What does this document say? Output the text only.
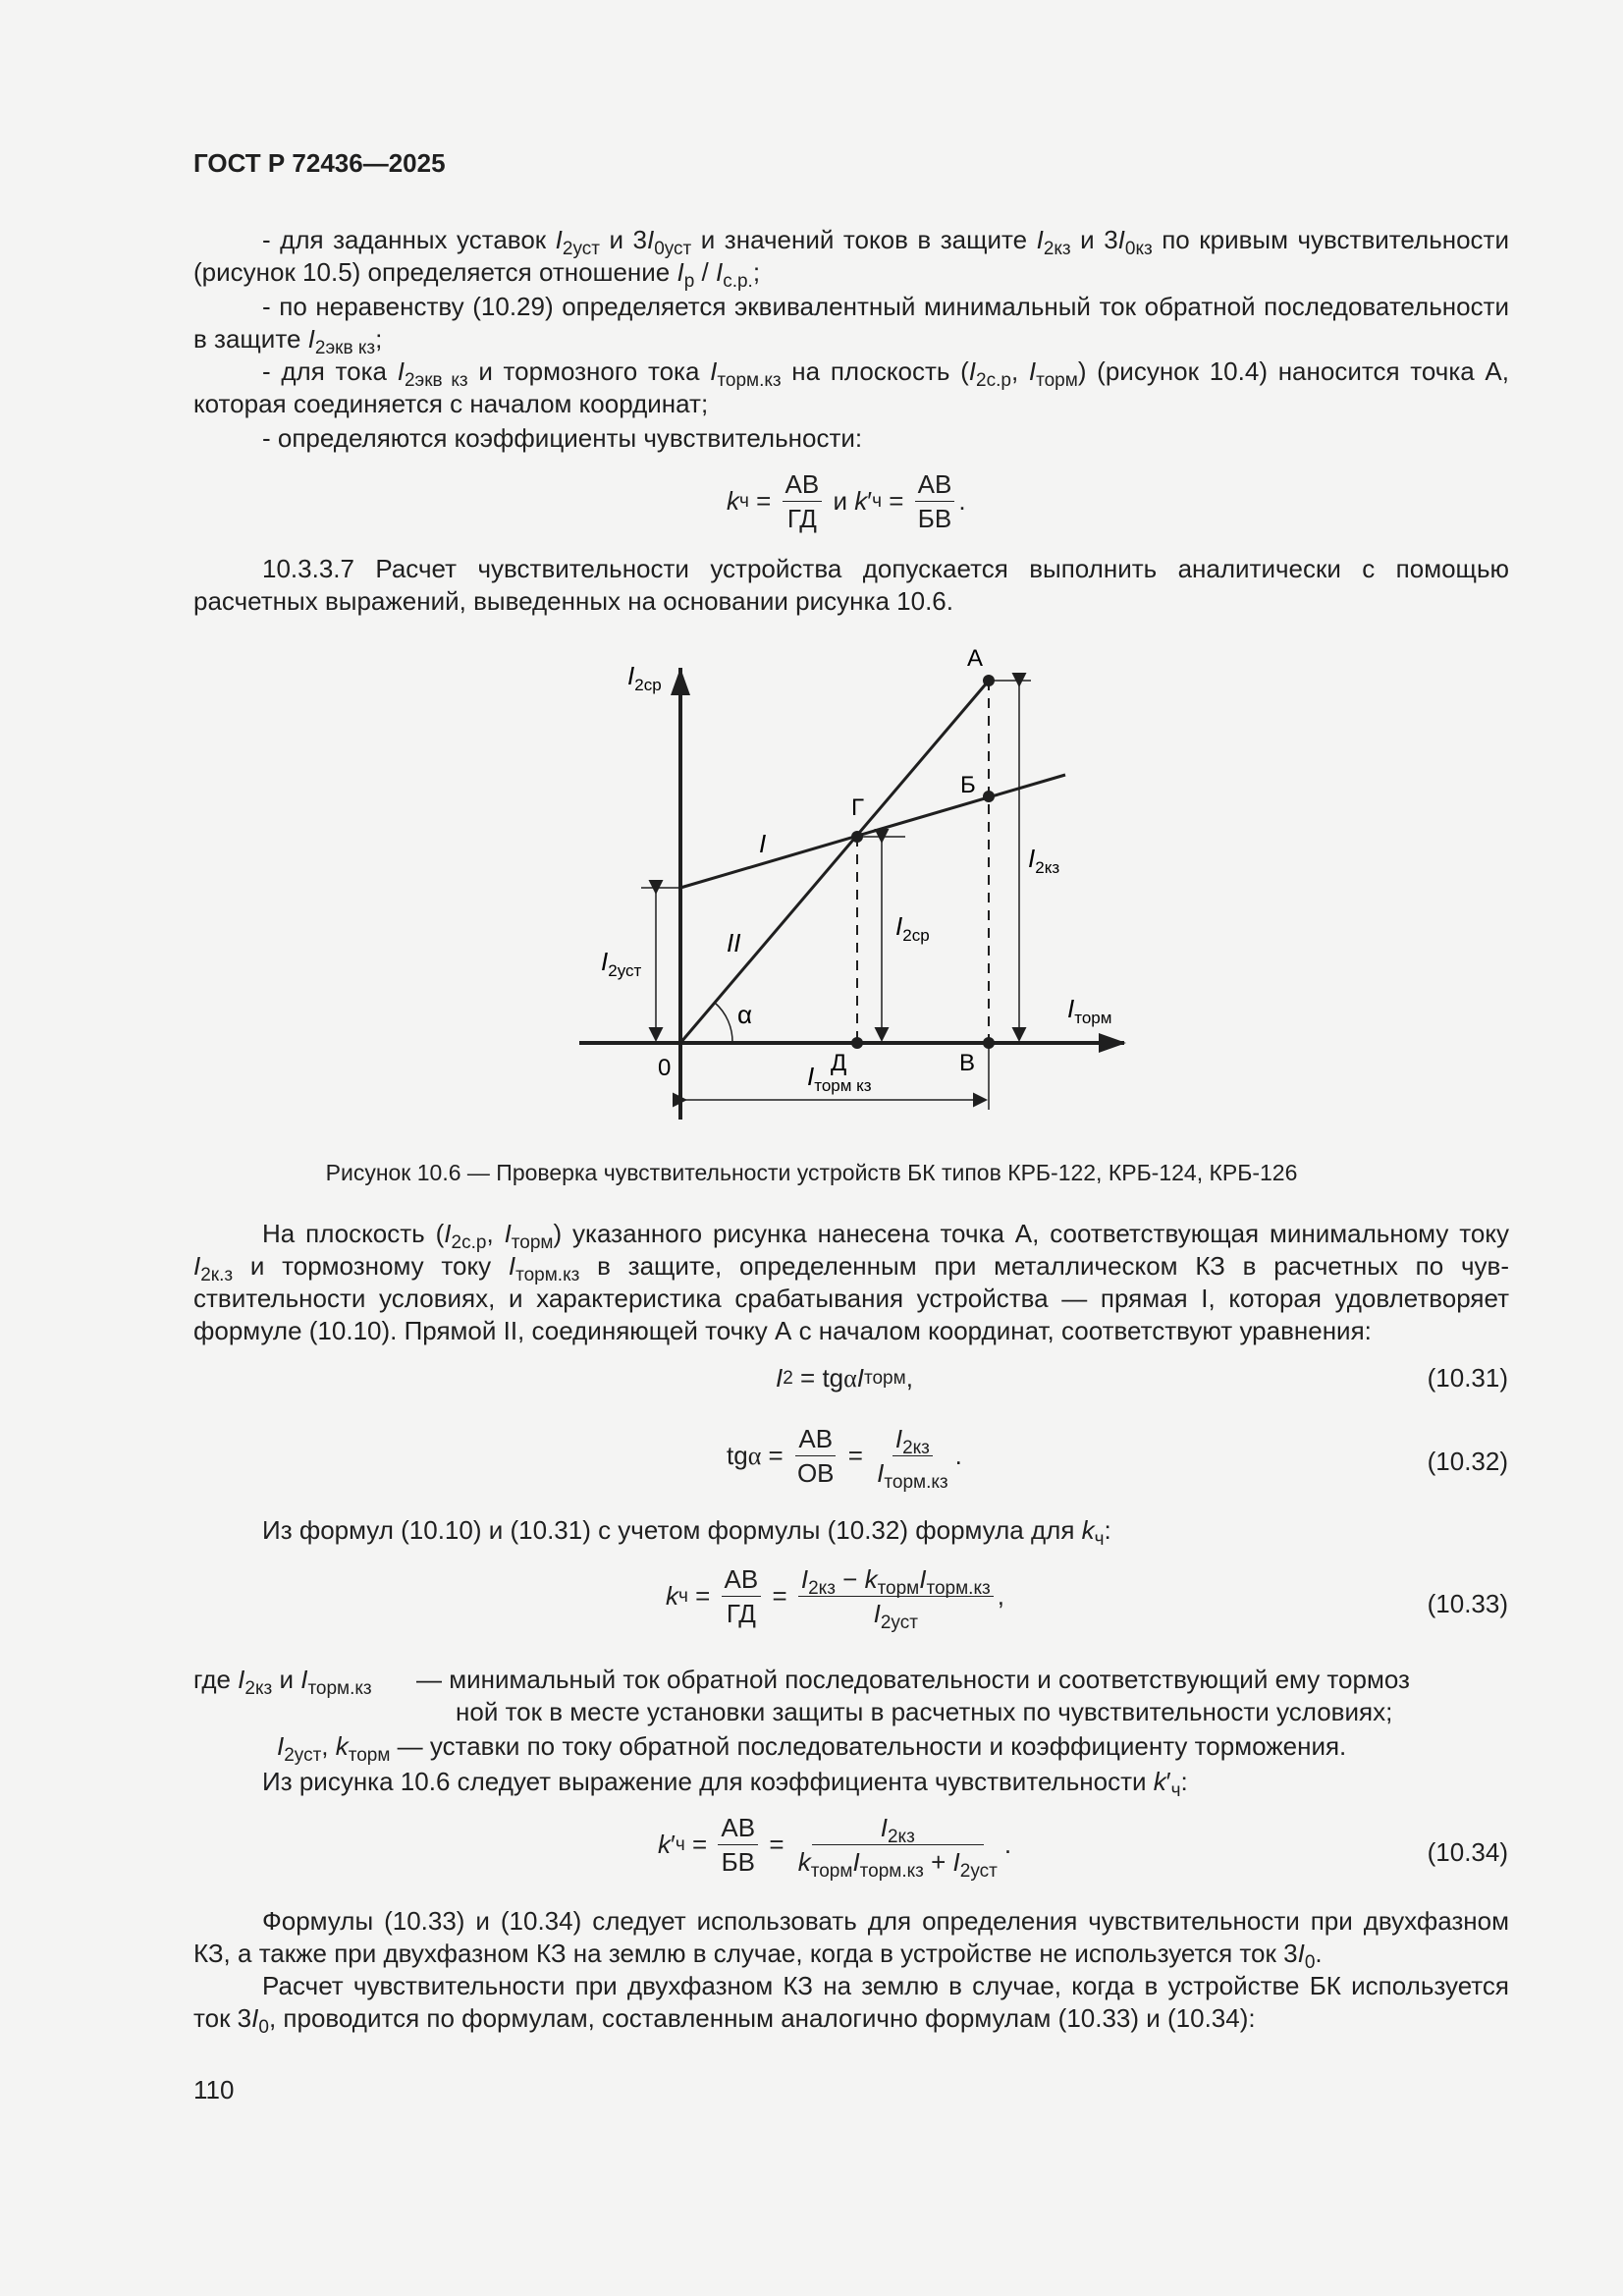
ГОСТ Р 72436—2025
- для заданных уставок $I_{2уст}$ и $3I_{0уст}$ и значений токов в защите $I_{2кз}$ и $3I_{0кз}$ по кривым чувствительности (рисунок 10.5) определяется отношение $I_р / I_{с.р.}$;
- по неравенству (10.29) определяется эквивалентный минимальный ток обратной последовательности в защите $I_{2экв кз}$;
- для тока $I_{2экв кз}$ и тормозного тока $I_{торм.кз}$ на плоскость ($I_{2с.р}$, $I_{торм}$) (рисунок 10.4) наносится точка А, которая соединяется с началом координат;
- определяются коэффициенты чувствительности:
k $ч = \frac{АВ}{ГД}$ и k ′ $ч = \frac{АВ}{БВ}$ .
10.3.3.7 Расчет чувствительности устройства допускается выполнить аналитически с помощью расчетных выражений, выведенных на основании рисунка 10.6.
$I_{2ср}$
А
Б
Г
Д	В
0
I
II
α
$I_{2уст}$
$I_{2ср}$
$I_{2кз}$
$I_{торм}$
$I_{торм кз}$
Рисунок 10.6 — Проверка чувствительности устройств БК типов КРБ-122, КРБ-124, КРБ-126
На плоскость ($I_{2с.р}$, $I_{торм}$) указанного рисунка нанесена точка А, соответствующая минимальному току $I_{2к.з}$ и тормозному току $I_{торм.кз}$ в защите, определенным при металлическом КЗ в расчетных по чувствительности условиях, и характеристика срабатывания устройства — прямая I, которая удовлетворяет формуле (10.10). Прямой II, соединяющей точку А с началом координат, соответствуют уравнения:
I 2 = tg α I торм ,	(10.31)
tg $\alpha = \frac{АВ}{ОВ} = \frac{I_{2кз}}{I_{торм.кз}}$ .	(10.32)
Из формул (10.10) и (10.31) с учетом формулы (10.32) формула для $k_ч$:
k $ч = \frac{АВ}{ГД} = \frac{I_{2кз} - k_{торм}I_{торм.кз}}{I_{2уст}}$ ,	(10.33)
где $I_{2кз}$ и $I_{торм.кз}$ — минимальный ток обратной последовательности и соответствующий ему тормоз
ной ток в месте установки защиты в расчетных по чувствительности условиях;
$I_{2уст}$, $k_{торм}$ — уставки по току обратной последовательности и коэффициенту торможения.
Из рисунка 10.6 следует выражение для коэффициента чувствительности $k'_ч$:
k ′ $ч = \frac{АВ}{БВ} = \frac{I_{2кз}}{k_{торм}I_{торм.кз} + I_{2уст}}$ .	(10.34)
Формулы (10.33) и (10.34) следует использовать для определения чувствительности при двухфазном КЗ, а также при двухфазном КЗ на землю в случае, когда в устройстве не используется ток $3I_0$.
Расчет чувствительности при двухфазном КЗ на землю в случае, когда в устройстве БК используется ток $3I_0$, проводится по формулам, составленным аналогично формулам (10.33) и (10.34):
110
